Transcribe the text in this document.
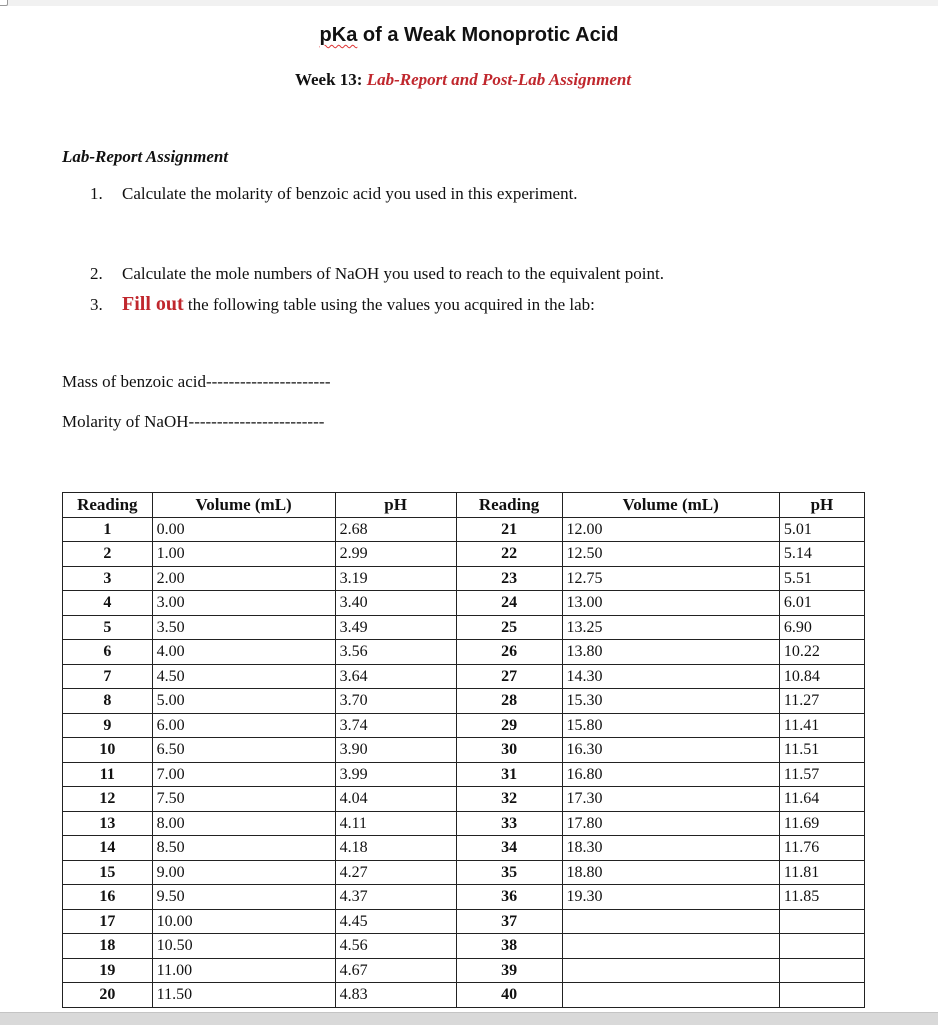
pKa of a Weak Monoprotic Acid
Week 13: Lab-Report and Post-Lab Assignment
Lab-Report Assignment
1. Calculate the molarity of benzoic acid you used in this experiment.
2. Calculate the mole numbers of NaOH you used to reach to the equivalent point.
3. Fill out the following table using the values you acquired in the lab:
Mass of benzoic acid----------------------
Molarity of NaOH------------------------
Reading	Volume (mL)	pH	Reading	Volume (mL)	pH
1	0.00	2.68	21	12.00	5.01
2	1.00	2.99	22	12.50	5.14
3	2.00	3.19	23	12.75	5.51
4	3.00	3.40	24	13.00	6.01
5	3.50	3.49	25	13.25	6.90
6	4.00	3.56	26	13.80	10.22
7	4.50	3.64	27	14.30	10.84
8	5.00	3.70	28	15.30	11.27
9	6.00	3.74	29	15.80	11.41
10	6.50	3.90	30	16.30	11.51
11	7.00	3.99	31	16.80	11.57
12	7.50	4.04	32	17.30	11.64
13	8.00	4.11	33	17.80	11.69
14	8.50	4.18	34	18.30	11.76
15	9.00	4.27	35	18.80	11.81
16	9.50	4.37	36	19.30	11.85
17	10.00	4.45	37		
18	10.50	4.56	38		
19	11.00	4.67	39		
20	11.50	4.83	40		
